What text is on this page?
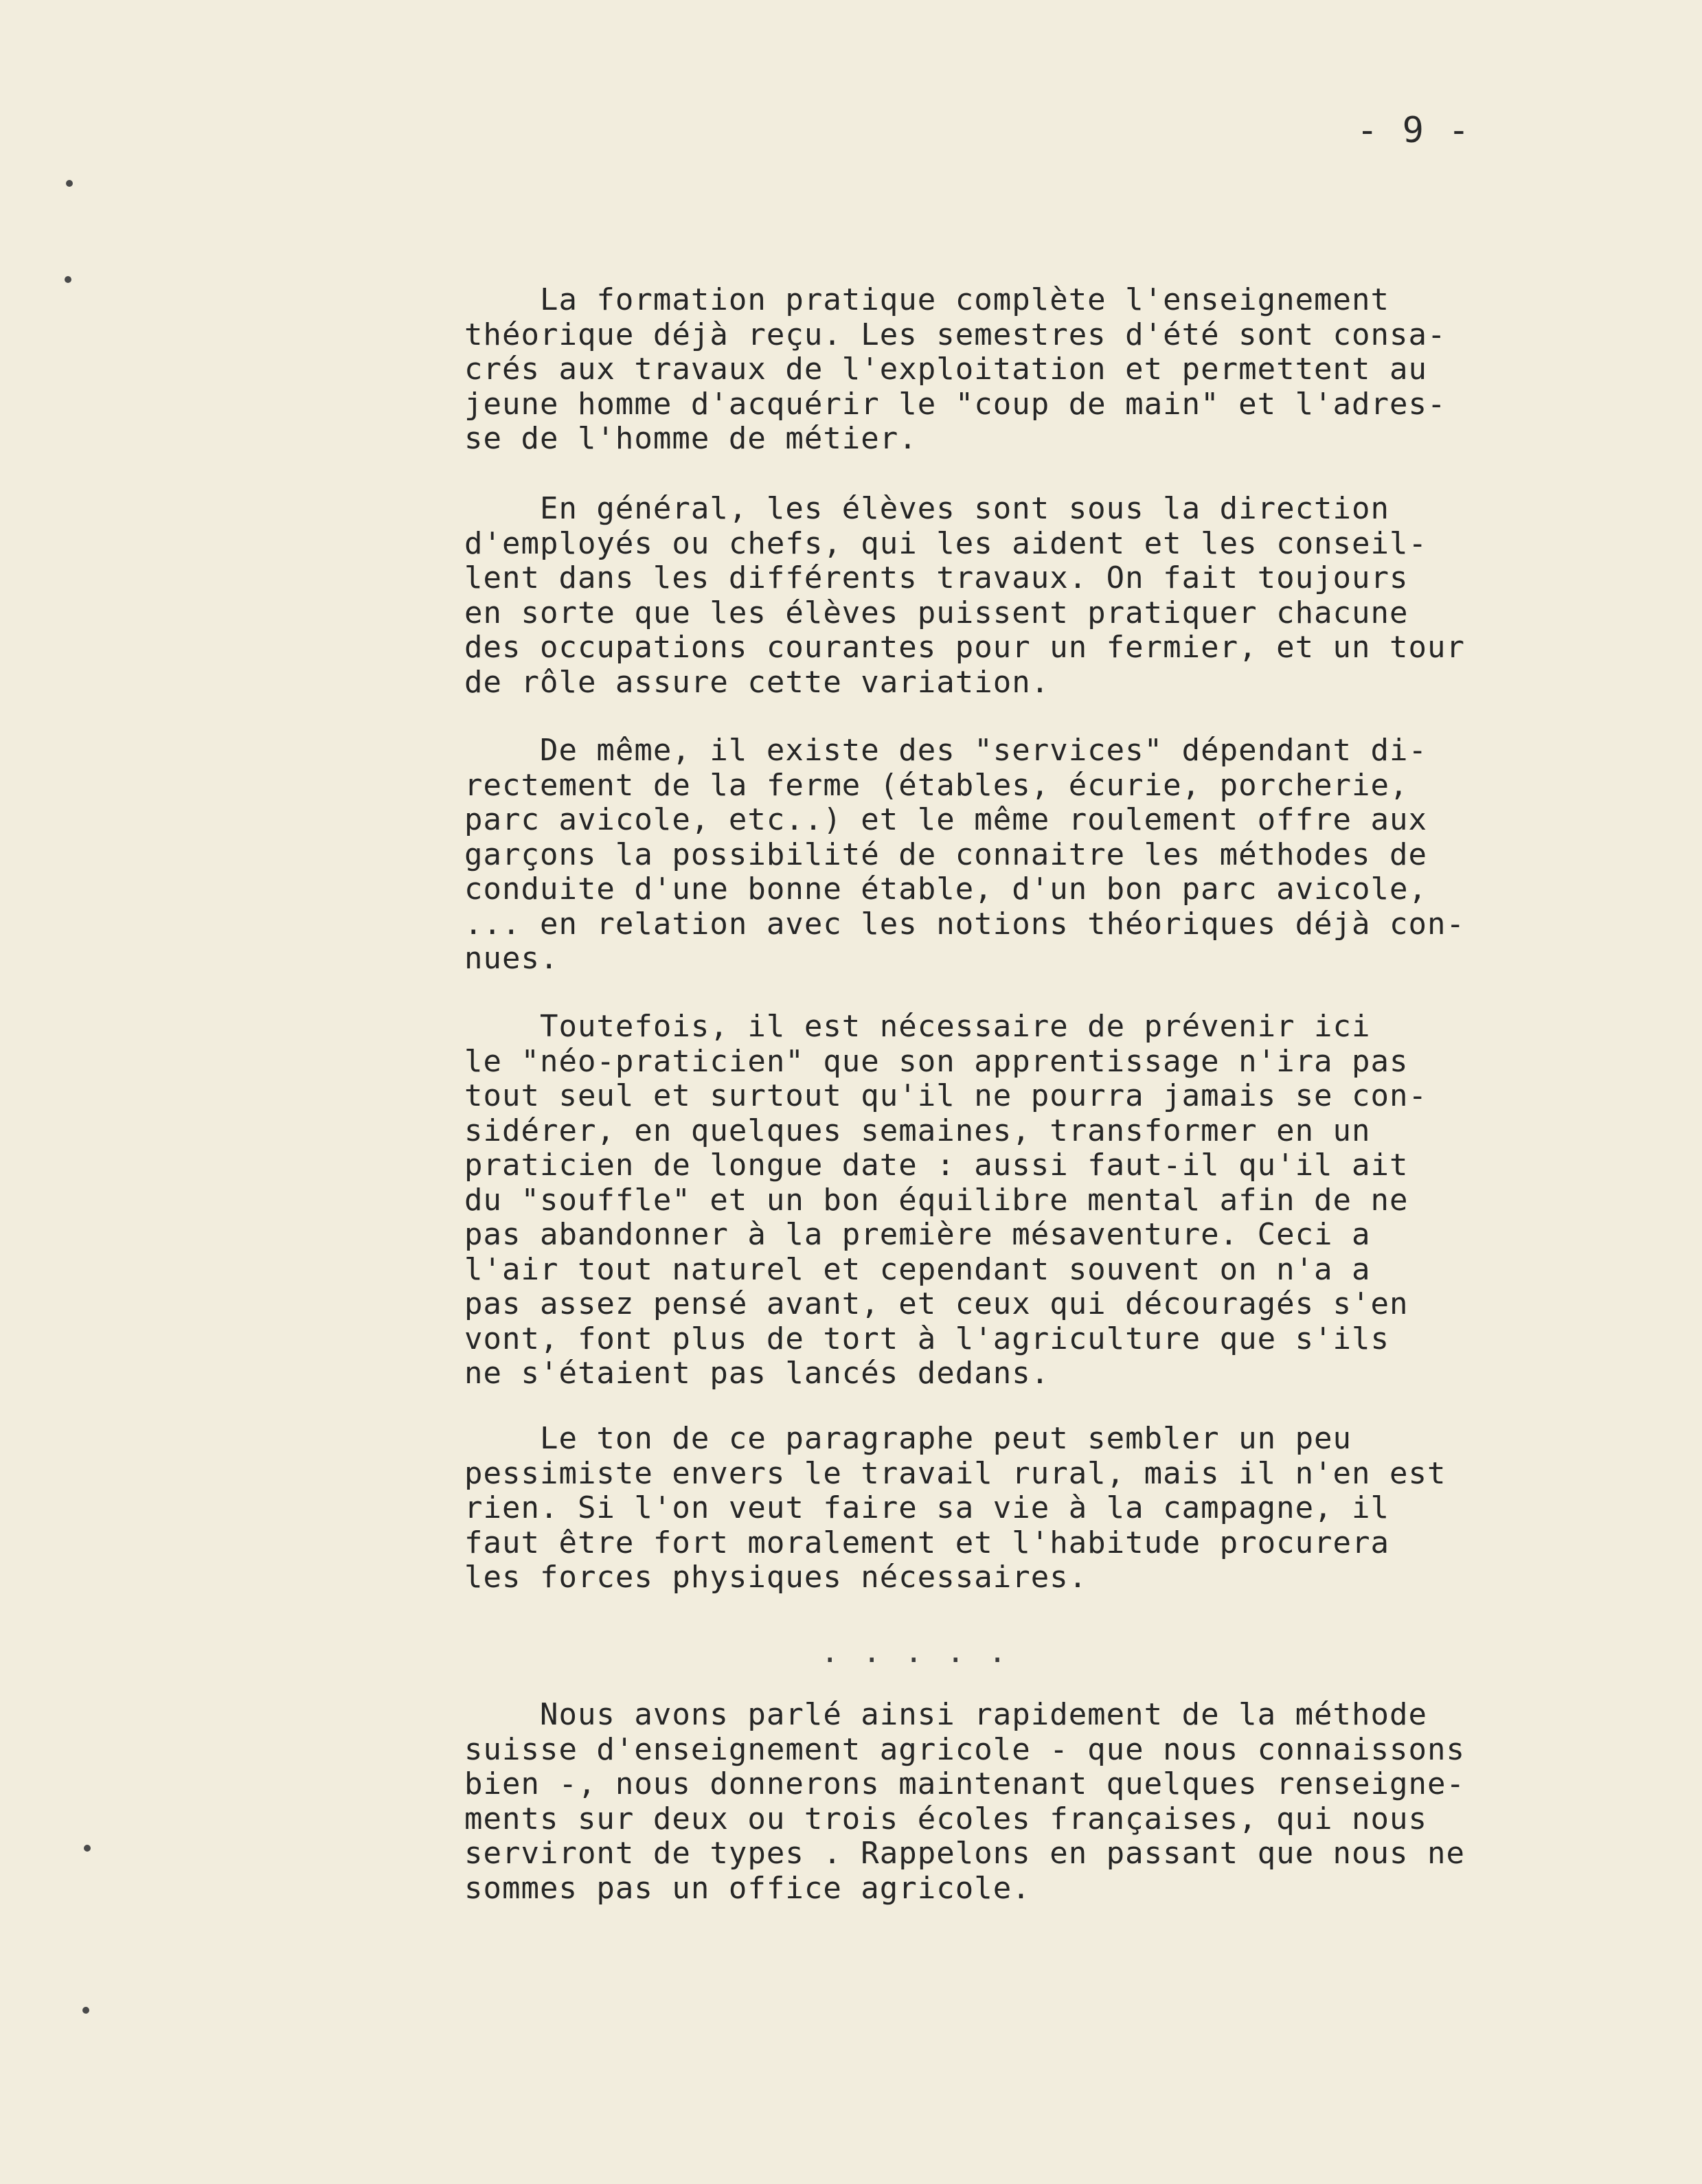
- 9 -
La formation pratique complète l'enseignement
théorique déjà reçu. Les semestres d'été sont consa-
crés aux travaux de l'exploitation et permettent au
jeune homme d'acquérir le "coup de main" et l'adres-
se de l'homme de métier.
En général, les élèves sont sous la direction
d'employés ou chefs, qui les aident et les conseil-
lent dans les différents travaux. On fait toujours
en sorte que les élèves puissent pratiquer chacune
des occupations courantes pour un fermier, et un tour
de rôle assure cette variation.
De même, il existe des "services" dépendant di-
rectement de la ferme (étables, écurie, porcherie,
parc avicole, etc..) et le même roulement offre aux
garçons la possibilité de connaitre les méthodes de
conduite d'une bonne étable, d'un bon parc avicole,
... en relation avec les notions théoriques déjà con-
nues.
Toutefois, il est nécessaire de prévenir ici
le "néo-praticien" que son apprentissage n'ira pas
tout seul et surtout qu'il ne pourra jamais se con-
sidérer, en quelques semaines, transformer en un
praticien de longue date : aussi faut-il qu'il ait
du "souffle" et un bon équilibre mental afin de ne
pas abandonner à la première mésaventure. Ceci a
l'air tout naturel et cependant souvent on n'a a
pas assez pensé avant, et ceux qui découragés s'en
vont, font plus de tort à l'agriculture que s'ils
ne s'étaient pas lancés dedans.
Le ton de ce paragraphe peut sembler un peu
pessimiste envers le travail rural, mais il n'en est
rien. Si l'on veut faire sa vie à la campagne, il
faut être fort moralement et l'habitude procurera
les forces physiques nécessaires.
. . . . .
Nous avons parlé ainsi rapidement de la méthode
suisse d'enseignement agricole - que nous connaissons
bien -, nous donnerons maintenant quelques renseigne-
ments sur deux ou trois écoles françaises, qui nous
serviront de types . Rappelons en passant que nous ne
sommes pas un office agricole.
